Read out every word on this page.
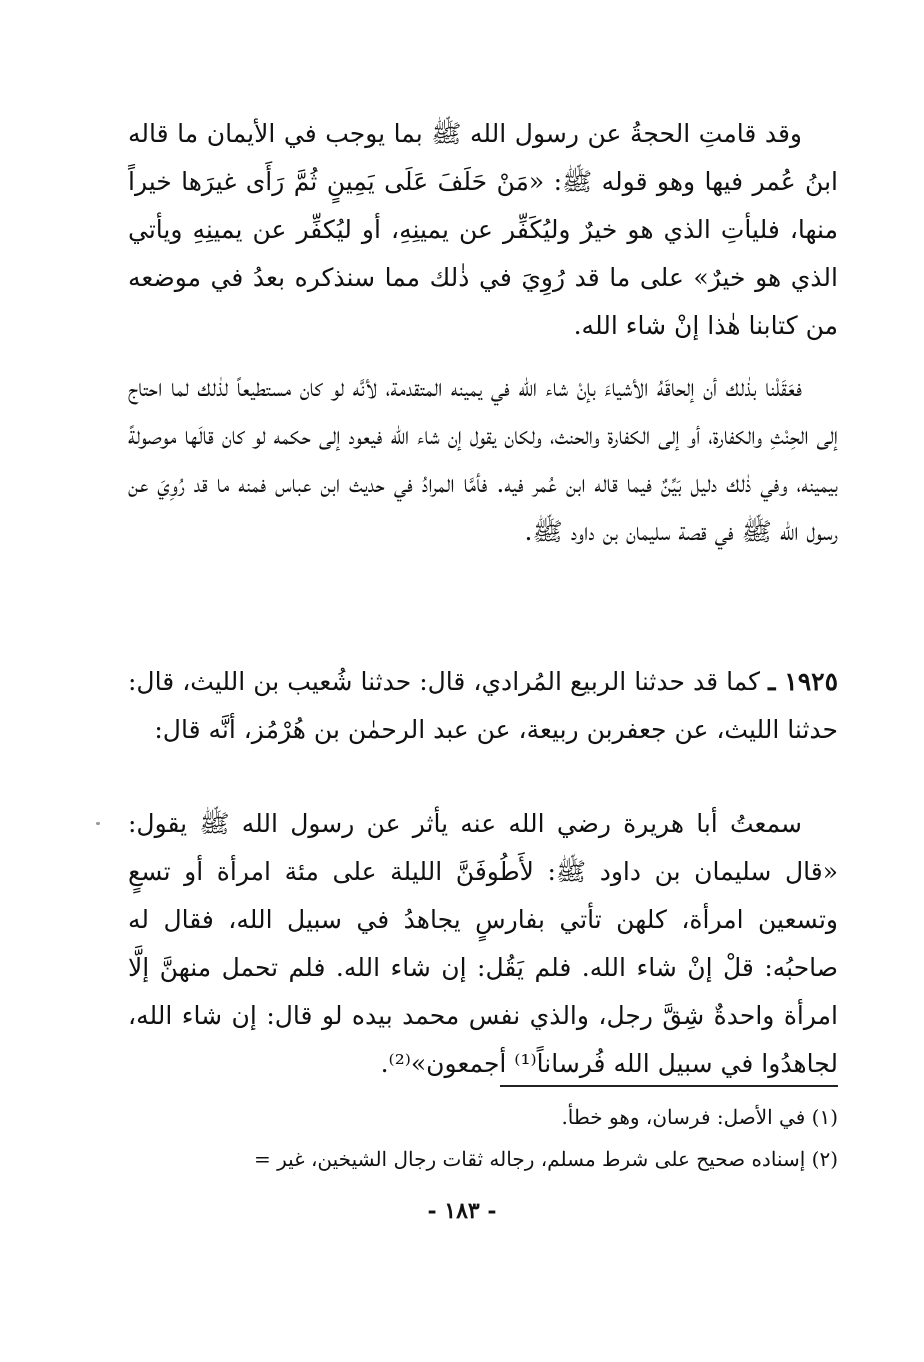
وقد قامتِ الحجةُ عن رسول الله ﷺ بما يوجب في الأيمان ما قاله ابنُ عُمر فيها وهو قوله ﷺ: «مَنْ حَلَفَ عَلَى يَمِينٍ ثُمَّ رَأَى غيرَها خيراً منها، فليأتِ الذي هو خيرٌ وليُكَفِّر عن يمينِهِ، أو ليُكفِّر عن يمينِهِ ويأتي الذي هو خيرٌ» على ما قد رُوِيَ في ذٰلك مما سنذكره بعدُ في موضعه من كتابنا هٰذا إنْ شاء الله.
فعَقَلْنا بذٰلك أن إلحاقَهُ الأشياءَ بإنْ شاء الله في يمينه المتقدمة، لأنَّه لو كان مستطيعاً لذٰلك لما احتاج إلى الحِنْثِ والكفارة، أو إلى الكفارة والحنث، ولكان يقول إن شاء الله فيعود إلى حكمه لو كان قالَها موصولةً بيمينه، وفي ذٰلك دليل بَيِّنٌ فيما قاله ابن عُمر فيه. فأمَّا المرادُ في حديث ابن عباس فمنه ما قد رُوِيَ عن رسول الله ﷺ في قصة سليمان بن داود ﷺ.
١٩٢٥ ـ كما قد حدثنا الربيع المُرادي، قال: حدثنا شُعيب بن الليث، قال: حدثنا الليث، عن جعفربن ربيعة، عن عبد الرحمٰن بن هُرْمُز، أنَّه قال:
سمعتُ أبا هريرة رضي الله عنه يأثر عن رسول الله ﷺ يقول: «قال سليمان بن داود ﷺ: لأَطُوفَنَّ الليلة على مئة امرأة أو تسعٍ وتسعين امرأة، كلهن تأتي بفارسٍ يجاهدُ في سبيل الله، فقال له صاحبُه: قلْ إنْ شاء الله. فلم يَقُل: إن شاء الله. فلم تحمل منهنَّ إلَّا امرأة واحدةٌ شِقَّ رجل، والذي نفس محمد بيده لو قال: إن شاء الله، لجاهدُوا في سبيل الله فُرساناً⁽¹⁾ أجمعون»⁽²⁾.
(١) في الأصل: فرسان، وهو خطأ.
(٢) إسناده صحيح على شرط مسلم، رجاله ثقات رجال الشيخين، غير =
- ١٨٣ -
